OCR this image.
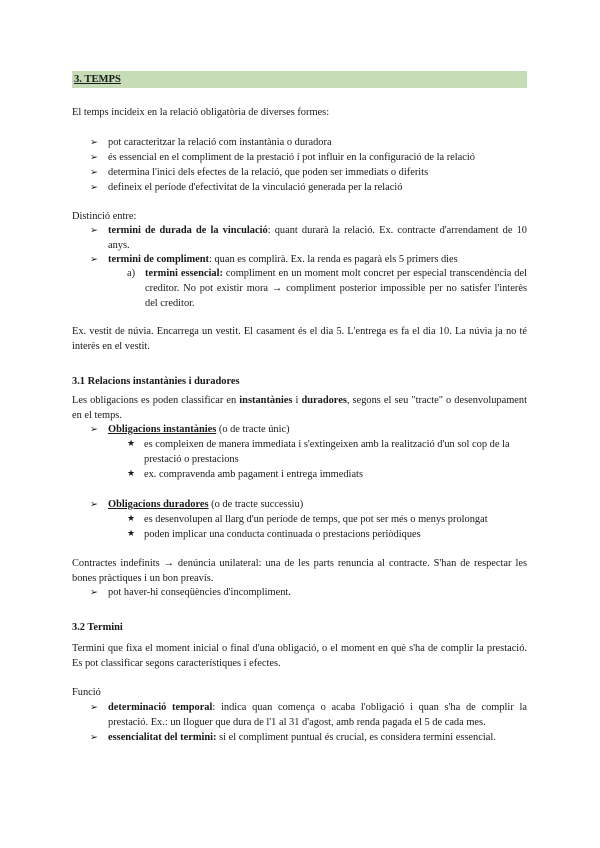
3. TEMPS
El temps incideix en la relació obligatòria de diverses formes:
➢ pot caracteritzar la relació com instantània o duradora
➢ és essencial en el compliment de la prestació i pot influir en la configuració de la relació
➢ determina l'inici dels efectes de la relació, que poden ser immediats o diferits
➢ defineix el període d'efectivitat de la vinculació generada per la relació
Distinció entre:
➢ termini de durada de la vinculació: quant durarà la relació. Ex. contracte d'arrendament de 10 anys.
➢ termini de compliment: quan es complirà. Ex. la renda es pagarà els 5 primers dies
a) termini essencial: compliment en un moment molt concret per especial transcendència del creditor. No pot existir mora → compliment posterior impossible per no satisfer l'interès del creditor.
Ex. vestit de núvia. Encarrega un vestit. El casament és el dia 5. L'entrega es fa el dia 10. La núvia ja no té interès en el vestit.
3.1 Relacions instantànies i duradores
Les obligacions es poden classificar en instantànies i duradores, segons el seu "tracte" o desenvolupament en el temps.
➢ Obligacions instantànies (o de tracte únic)
★ es compleixen de manera immediata i s'extingeixen amb la realització d'un sol cop de la prestació o prestacions
★ ex. compravenda amb pagament i entrega immediats
➢ Obligacions duradores (o de tracte successiu)
★ es desenvolupen al llarg d'un període de temps, que pot ser més o menys prolongat
★ poden implicar una conducta continuada o prestacions periòdiques
Contractes indefinits → denúncia unilateral: una de les parts renuncia al contracte. S'han de respectar les bones pràctiques i un bon preavís.
➢ pot haver-hi conseqüències d'incompliment.
3.2 Termini
Termini que fixa el moment inicial o final d'una obligació, o el moment en què s'ha de complir la prestació. Es pot classificar segons característiques i efectes.
Funció
➢ determinació temporal: indica quan comença o acaba l'obligació i quan s'ha de complir la prestació. Ex.: un lloguer que dura de l'1 al 31 d'agost, amb renda pagada el 5 de cada mes.
➢ essencialitat del termini: si el compliment puntual és crucial, es considera termini essencial.
